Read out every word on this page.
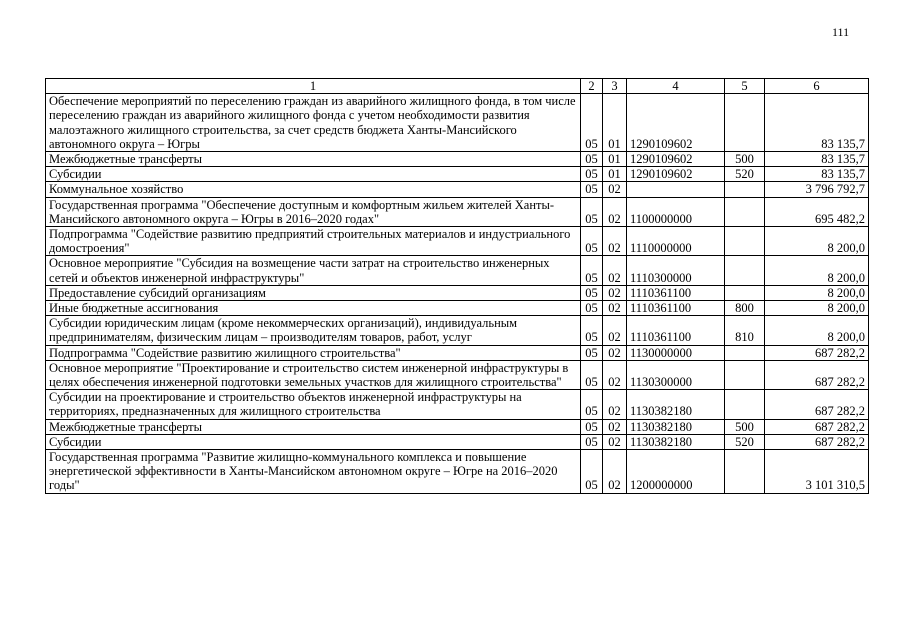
111
1	2	3	4	5	6
Обеспечение мероприятий по переселению граждан из аварийного жилищного фонда, в том числе переселению граждан из аварийного жилищного фонда с учетом необходимости развития малоэтажного жилищного строительства, за счет средств бюджета Ханты-Мансийского автономного округа – Югры	05	01	1290109602		83 135,7
Межбюджетные трансферты	05	01	1290109602	500	83 135,7
Субсидии	05	01	1290109602	520	83 135,7
Коммунальное хозяйство	05	02			3 796 792,7
Государственная программа "Обеспечение доступным и комфортным жильем жителей Ханты-Мансийского автономного округа – Югры в 2016–2020 годах"	05	02	1100000000		695 482,2
Подпрограмма "Содействие развитию предприятий строительных материалов и индустриального домостроения"	05	02	1110000000		8 200,0
Основное мероприятие "Субсидия на возмещение части затрат на строительство инженерных сетей и объектов инженерной инфраструктуры"	05	02	1110300000		8 200,0
Предоставление субсидий организациям	05	02	1110361100		8 200,0
Иные бюджетные ассигнования	05	02	1110361100	800	8 200,0
Субсидии юридическим лицам (кроме некоммерческих организаций), индивидуальным предпринимателям, физическим лицам – производителям товаров, работ, услуг	05	02	1110361100	810	8 200,0
Подпрограмма "Содействие развитию жилищного строительства"	05	02	1130000000		687 282,2
Основное мероприятие "Проектирование и строительство систем инженерной инфраструктуры в целях обеспечения инженерной подготовки земельных участков для жилищного строительства"	05	02	1130300000		687 282,2
Субсидии на проектирование и строительство объектов инженерной инфраструктуры на территориях, предназначенных для жилищного строительства	05	02	1130382180		687 282,2
Межбюджетные трансферты	05	02	1130382180	500	687 282,2
Субсидии	05	02	1130382180	520	687 282,2
Государственная программа "Развитие жилищно-коммунального комплекса и повышение энергетической эффективности в Ханты-Мансийском автономном округе – Югре на 2016–2020 годы"	05	02	1200000000		3 101 310,5
